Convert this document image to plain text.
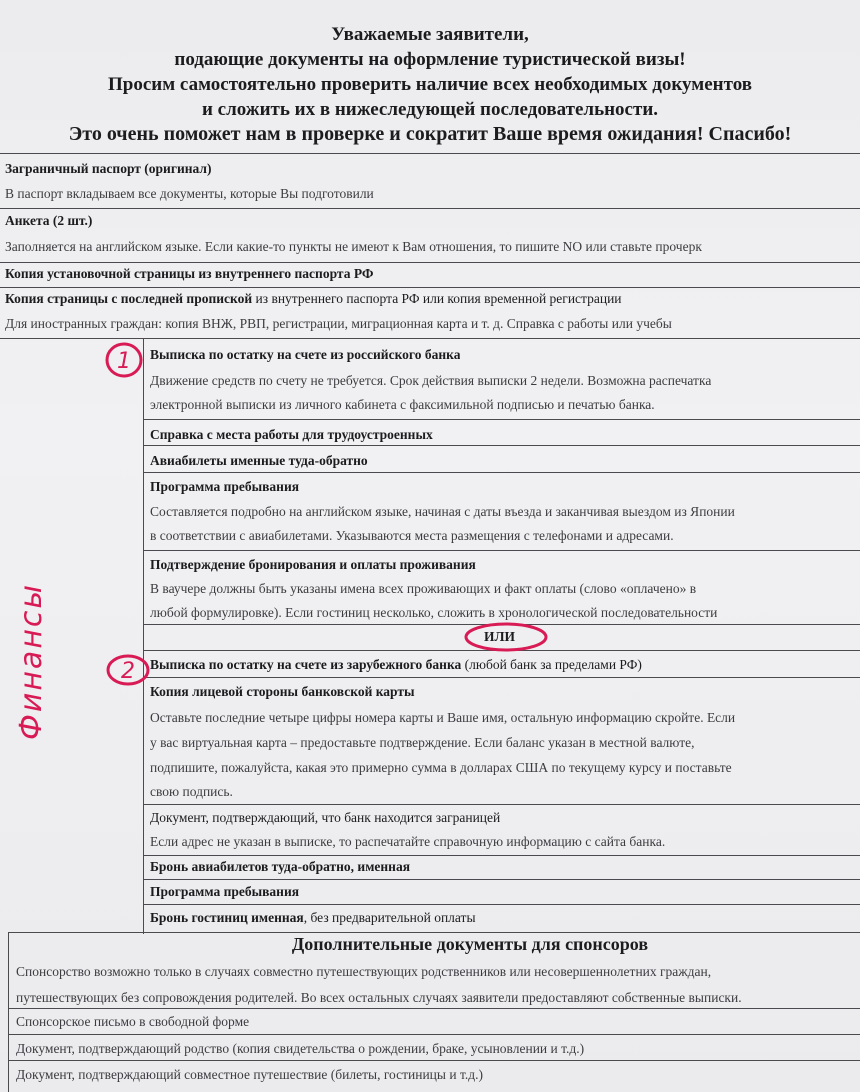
Уважаемые заявители,
подающие документы на оформление туристической визы!
Просим самостоятельно проверить наличие всех необходимых документов
и сложить их в нижеследующей последовательности.
Это очень поможет нам в проверке и сократит Ваше время ожидания! Спасибо!
Заграничный паспорт (оригинал)
В паспорт вкладываем все документы, которые Вы подготовили
Анкета (2 шт.)
Заполняется на английском языке. Если какие-то пункты не имеют к Вам отношения, то пишите NO или ставьте прочерк
Копия установочной страницы из внутреннего паспорта РФ
Копия страницы с последней пропиской из внутреннего паспорта РФ или копия временной регистрации
Для иностранных граждан: копия ВНЖ, РВП, регистрации, миграционная карта и т. д. Справка с работы или учебы
Выписка по остатку на счете из российского банка
Движение средств по счету не требуется. Срок действия выписки 2 недели. Возможна распечатка
электронной выписки из личного кабинета с факсимильной подписью и печатью банка.
Справка с места работы для трудоустроенных
Авиабилеты именные туда-обратно
Программа пребывания
Составляется подробно на английском языке, начиная с даты въезда и заканчивая выездом из Японии
в соответствии с авиабилетами. Указываются места размещения с телефонами и адресами.
Подтверждение бронирования и оплаты проживания
В ваучере должны быть указаны имена всех проживающих и факт оплаты (слово «оплачено» в
любой формулировке). Если гостиниц несколько, сложить в хронологической последовательности
ИЛИ
Выписка по остатку на счете из зарубежного банка (любой банк за пределами РФ)
Копия лицевой стороны банковской карты
Оставьте последние четыре цифры номера карты и Ваше имя, остальную информацию скройте. Если
у вас виртуальная карта – предоставьте подтверждение. Если баланс указан в местной валюте,
подпишите, пожалуйста, какая это примерно сумма в долларах США по текущему курсу и поставьте
свою подпись.
Документ, подтверждающий, что банк находится заграницей
Если адрес не указан в выписке, то распечатайте справочную информацию с сайта банка.
Бронь авиабилетов туда-обратно, именная
Программа пребывания
Бронь гостиниц именная, без предварительной оплаты
Дополнительные документы для спонсоров
Спонсорство возможно только в случаях совместно путешествующих родственников или несовершеннолетних граждан,
путешествующих без сопровождения родителей. Во всех остальных случаях заявители предоставляют собственные выписки.
Спонсорское письмо в свободной форме
Документ, подтверждающий родство (копия свидетельства о рождении, браке, усыновлении и т.д.)
Документ, подтверждающий совместное путешествие (билеты, гостиницы и т.д.)
1
2
Финансы
